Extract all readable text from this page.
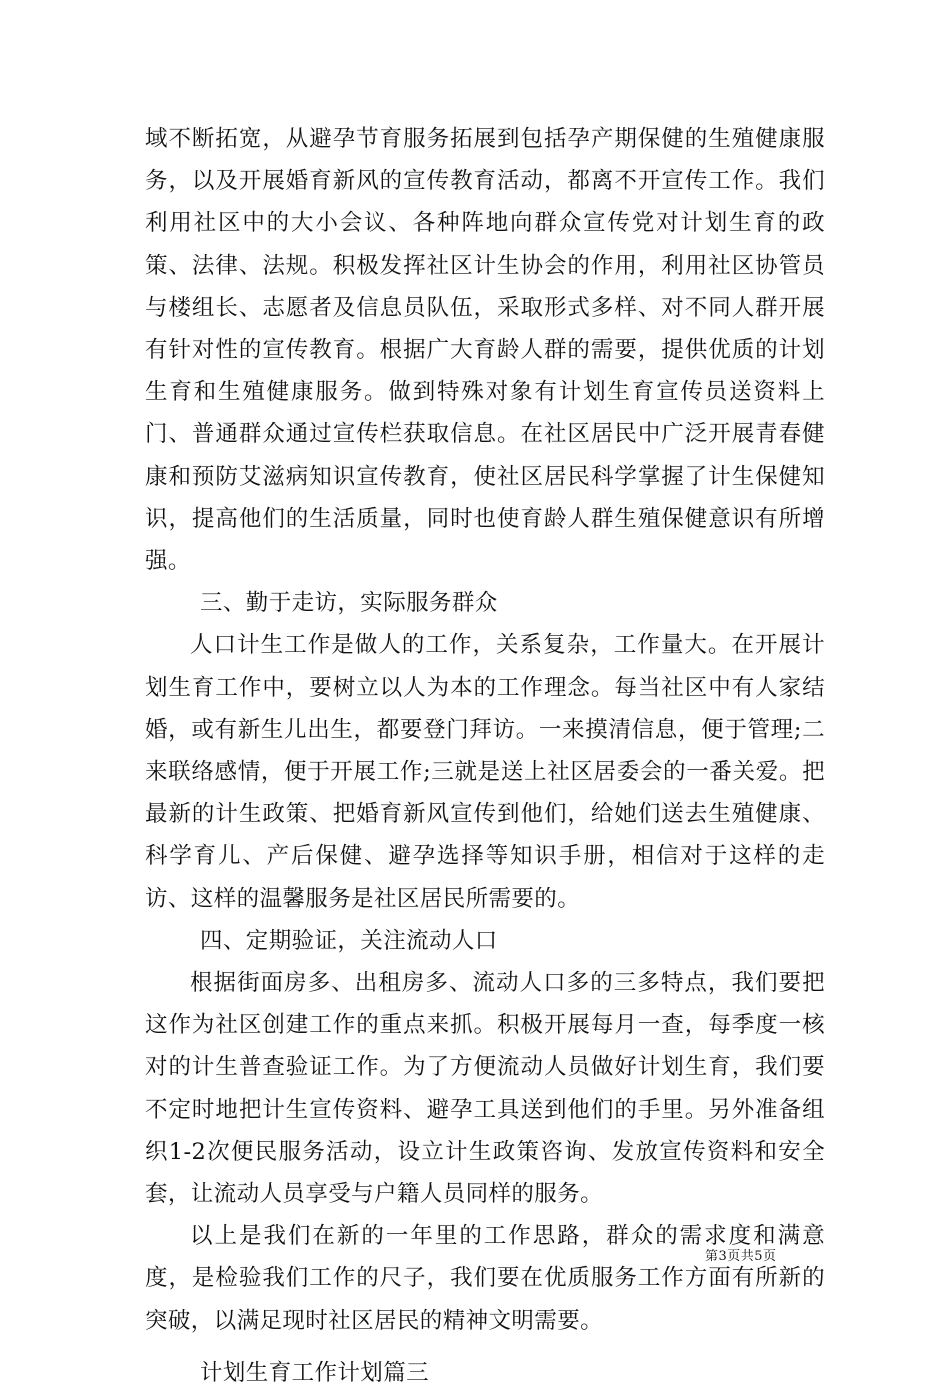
域不断拓宽，从避孕节育服务拓展到包括孕产期保健的生殖健康服务，以及开展婚育新风的宣传教育活动，都离不开宣传工作。我们利用社区中的大小会议、各种阵地向群众宣传党对计划生育的政策、法律、法规。积极发挥社区计生协会的作用，利用社区协管员与楼组长、志愿者及信息员队伍，采取形式多样、对不同人群开展有针对性的宣传教育。根据广大育龄人群的需要，提供优质的计划生育和生殖健康服务。做到特殊对象有计划生育宣传员送资料上门、普通群众通过宣传栏获取信息。在社区居民中广泛开展青春健康和预防艾滋病知识宣传教育，使社区居民科学掌握了计生保健知识，提高他们的生活质量，同时也使育龄人群生殖保健意识有所增强。

三、勤于走访，实际服务群众

人口计生工作是做人的工作，关系复杂，工作量大。在开展计划生育工作中，要树立以人为本的工作理念。每当社区中有人家结婚，或有新生儿出生，都要登门拜访。一来摸清信息，便于管理;二来联络感情，便于开展工作;三就是送上社区居委会的一番关爱。把最新的计生政策、把婚育新风宣传到他们，给她们送去生殖健康、科学育儿、产后保健、避孕选择等知识手册，相信对于这样的走访、这样的温馨服务是社区居民所需要的。

四、定期验证，关注流动人口

根据街面房多、出租房多、流动人口多的三多特点，我们要把这作为社区创建工作的重点来抓。积极开展每月一查，每季度一核对的计生普查验证工作。为了方便流动人员做好计划生育，我们要不定时地把计生宣传资料、避孕工具送到他们的手里。另外准备组织1-2次便民服务活动，设立计生政策咨询、发放宣传资料和安全套，让流动人员享受与户籍人员同样的服务。

以上是我们在新的一年里的工作思路，群众的需求度和满意度，是检验我们工作的尺子，我们要在优质服务工作方面有所新的突破，以满足现时社区居民的精神文明需要。

计划生育工作计划篇三

第3页共5页
